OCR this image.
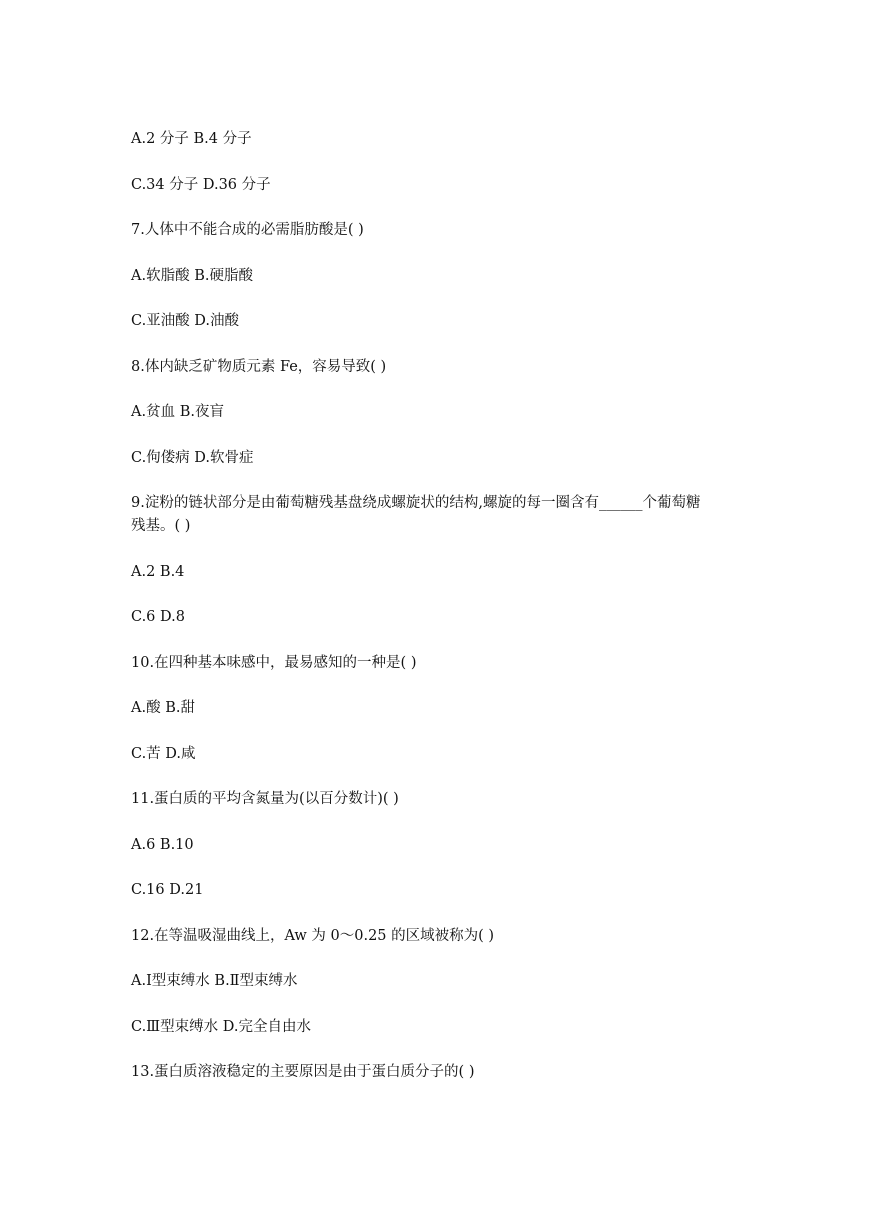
A.2 分子 B.4 分子
C.34 分子 D.36 分子
7.人体中不能合成的必需脂肪酸是( )
A.软脂酸 B.硬脂酸
C.亚油酸 D.油酸
8.体内缺乏矿物质元素 Fe，容易导致( )
A.贫血 B.夜盲
C.佝偻病 D.软骨症
9.淀粉的链状部分是由葡萄糖残基盘绕成螺旋状的结构,螺旋的每一圈含有______个葡萄糖
残基。( )
A.2 B.4
C.6 D.8
10.在四种基本味感中，最易感知的一种是( )
A.酸 B.甜
C.苦 D.咸
11.蛋白质的平均含氮量为(以百分数计)( )
A.6 B.10
C.16 D.21
12.在等温吸湿曲线上，Aw 为 0～0.25 的区域被称为( )
A.Ⅰ型束缚水 B.Ⅱ型束缚水
C.Ⅲ型束缚水 D.完全自由水
13.蛋白质溶液稳定的主要原因是由于蛋白质分子的( )
